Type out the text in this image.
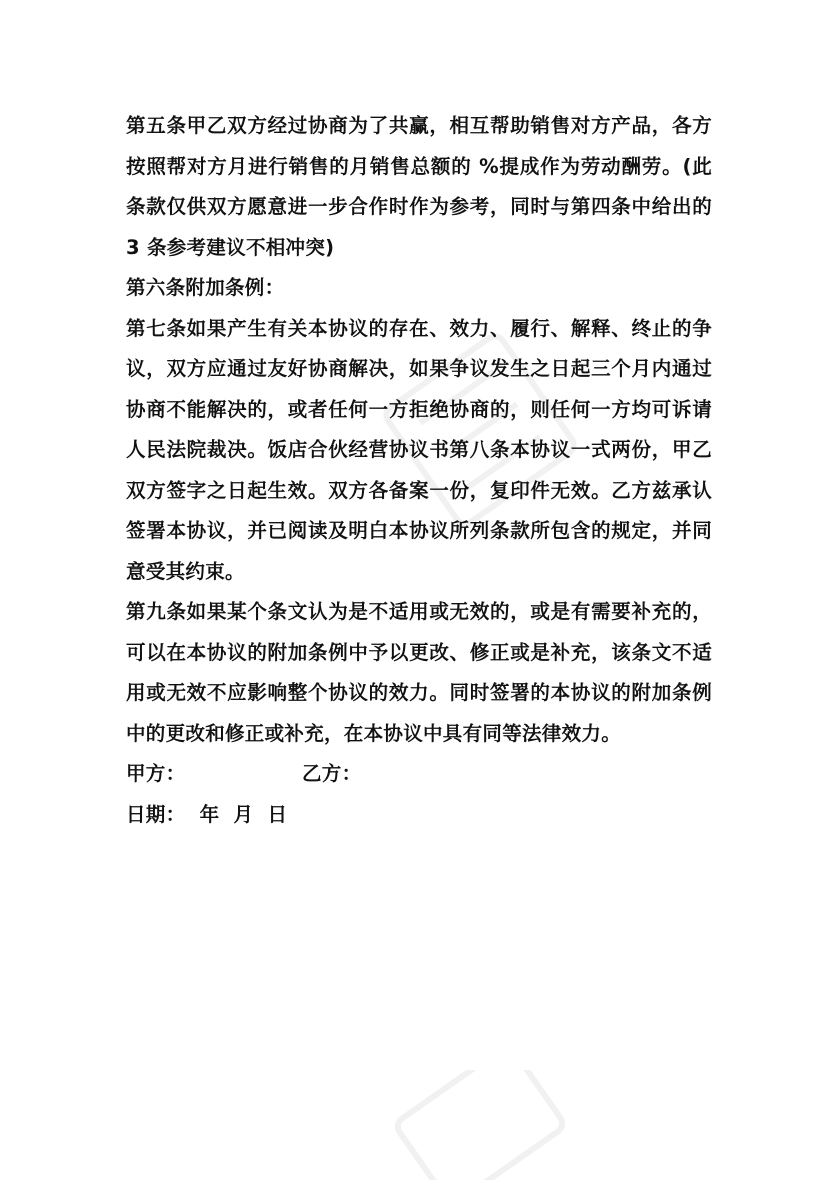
第五条甲乙双方经过协商为了共赢，相互帮助销售对方产品，各方按照帮对方月进行销售的月销售总额的 %提成作为劳动酬劳。(此条款仅供双方愿意进一步合作时作为参考，同时与第四条中给出的 3 条参考建议不相冲突)

第六条附加条例：

第七条如果产生有关本协议的存在、效力、履行、解释、终止的争议，双方应通过友好协商解决，如果争议发生之日起三个月内通过协商不能解决的，或者任何一方拒绝协商的，则任何一方均可诉请人民法院裁决。饭店合伙经营协议书第八条本协议一式两份，甲乙双方签字之日起生效。双方各备案一份，复印件无效。乙方兹承认签署本协议，并已阅读及明白本协议所列条款所包含的规定，并同意受其约束。

第九条如果某个条文认为是不适用或无效的，或是有需要补充的，可以在本协议的附加条例中予以更改、修正或是补充，该条文不适用或无效不应影响整个协议的效力。同时签署的本协议的附加条例中的更改和修正或补充，在本协议中具有同等法律效力。

甲方：	乙方：
日期：  年  月  日
